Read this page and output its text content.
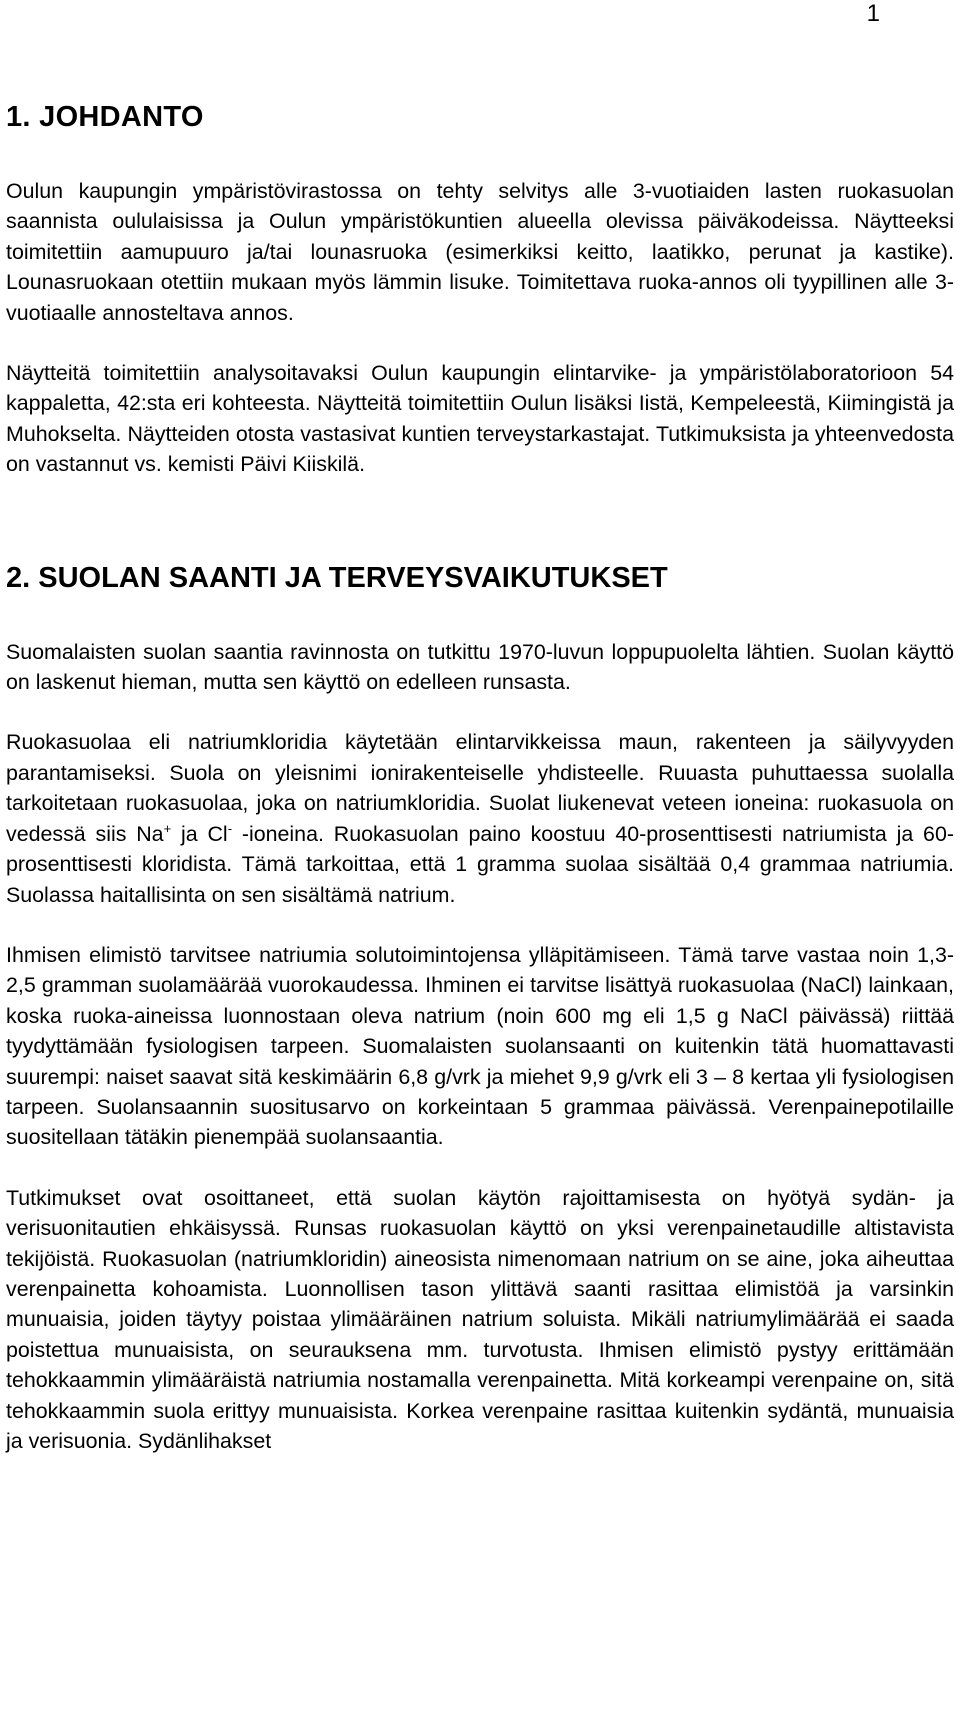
1
1. JOHDANTO

Oulun kaupungin ympäristövirastossa on tehty selvitys alle 3-vuotiaiden lasten ruokasuolan saannista oululaisissa ja Oulun ympäristökuntien alueella olevissa päiväkodeissa. Näytteeksi toimitettiin aamupuuro ja/tai lounasruoka (esimerkiksi keitto, laatikko, perunat ja kastike). Lounasruokaan otettiin mukaan myös lämmin lisuke. Toimitettava ruoka-annos oli tyypillinen alle 3-vuotiaalle annosteltava annos.

Näytteitä toimitettiin analysoitavaksi Oulun kaupungin elintarvike- ja ympäristölaboratorioon 54 kappaletta, 42:sta eri kohteesta. Näytteitä toimitettiin Oulun lisäksi Iistä, Kempeleestä, Kiimingistä ja Muhokselta. Näytteiden otosta vastasivat kuntien terveystarkastajat. Tutkimuksista ja yhteenvedosta on vastannut vs. kemisti Päivi Kiiskilä.

2. SUOLAN SAANTI JA TERVEYSVAIKUTUKSET

Suomalaisten suolan saantia ravinnosta on tutkittu 1970-luvun loppupuolelta lähtien. Suolan käyttö on laskenut hieman, mutta sen käyttö on edelleen runsasta.

Ruokasuolaa eli natriumkloridia käytetään elintarvikkeissa maun, rakenteen ja säilyvyyden parantamiseksi. Suola on yleisnimi ionirakenteiselle yhdisteelle. Ruuasta puhuttaessa suolalla tarkoitetaan ruokasuolaa, joka on natriumkloridia. Suolat liukenevat veteen ioneina: ruokasuola on vedessä siis Na+ ja Cl- -ioneina. Ruokasuolan paino koostuu 40-prosenttisesti natriumista ja 60-prosenttisesti kloridista. Tämä tarkoittaa, että 1 gramma suolaa sisältää 0,4 grammaa natriumia. Suolassa haitallisinta on sen sisältämä natrium.

Ihmisen elimistö tarvitsee natriumia solutoimintojensa ylläpitämiseen. Tämä tarve vastaa noin 1,3-2,5 gramman suolamäärää vuorokaudessa. Ihminen ei tarvitse lisättyä ruokasuolaa (NaCl) lainkaan, koska ruoka-aineissa luonnostaan oleva natrium (noin 600 mg eli 1,5 g NaCl päivässä) riittää tyydyttämään fysiologisen tarpeen. Suomalaisten suolansaanti on kuitenkin tätä huomattavasti suurempi: naiset saavat sitä keskimäärin 6,8 g/vrk ja miehet 9,9 g/vrk eli 3 – 8 kertaa yli fysiologisen tarpeen. Suolansaannin suositusarvo on korkeintaan 5 grammaa päivässä. Verenpainepotilaille suositellaan tätäkin pienempää suolansaantia.

Tutkimukset ovat osoittaneet, että suolan käytön rajoittamisesta on hyötyä sydän- ja verisuonitautien ehkäisyssä. Runsas ruokasuolan käyttö on yksi verenpainetaudille altistavista tekijöistä. Ruokasuolan (natriumkloridin) aineosista nimenomaan natrium on se aine, joka aiheuttaa verenpainetta kohoamista. Luonnollisen tason ylittävä saanti rasittaa elimistöä ja varsinkin munuaisia, joiden täytyy poistaa ylimääräinen natrium soluista. Mikäli natriumylimäärää ei saada poistettua munuaisista, on seurauksena mm. turvotusta. Ihmisen elimistö pystyy erittämään tehokkaammin ylimääräistä natriumia nostamalla verenpainetta. Mitä korkeampi verenpaine on, sitä tehokkaammin suola erittyy munuaisista. Korkea verenpaine rasittaa kuitenkin sydäntä, munuaisia ja verisuonia. Sydänlihakset
